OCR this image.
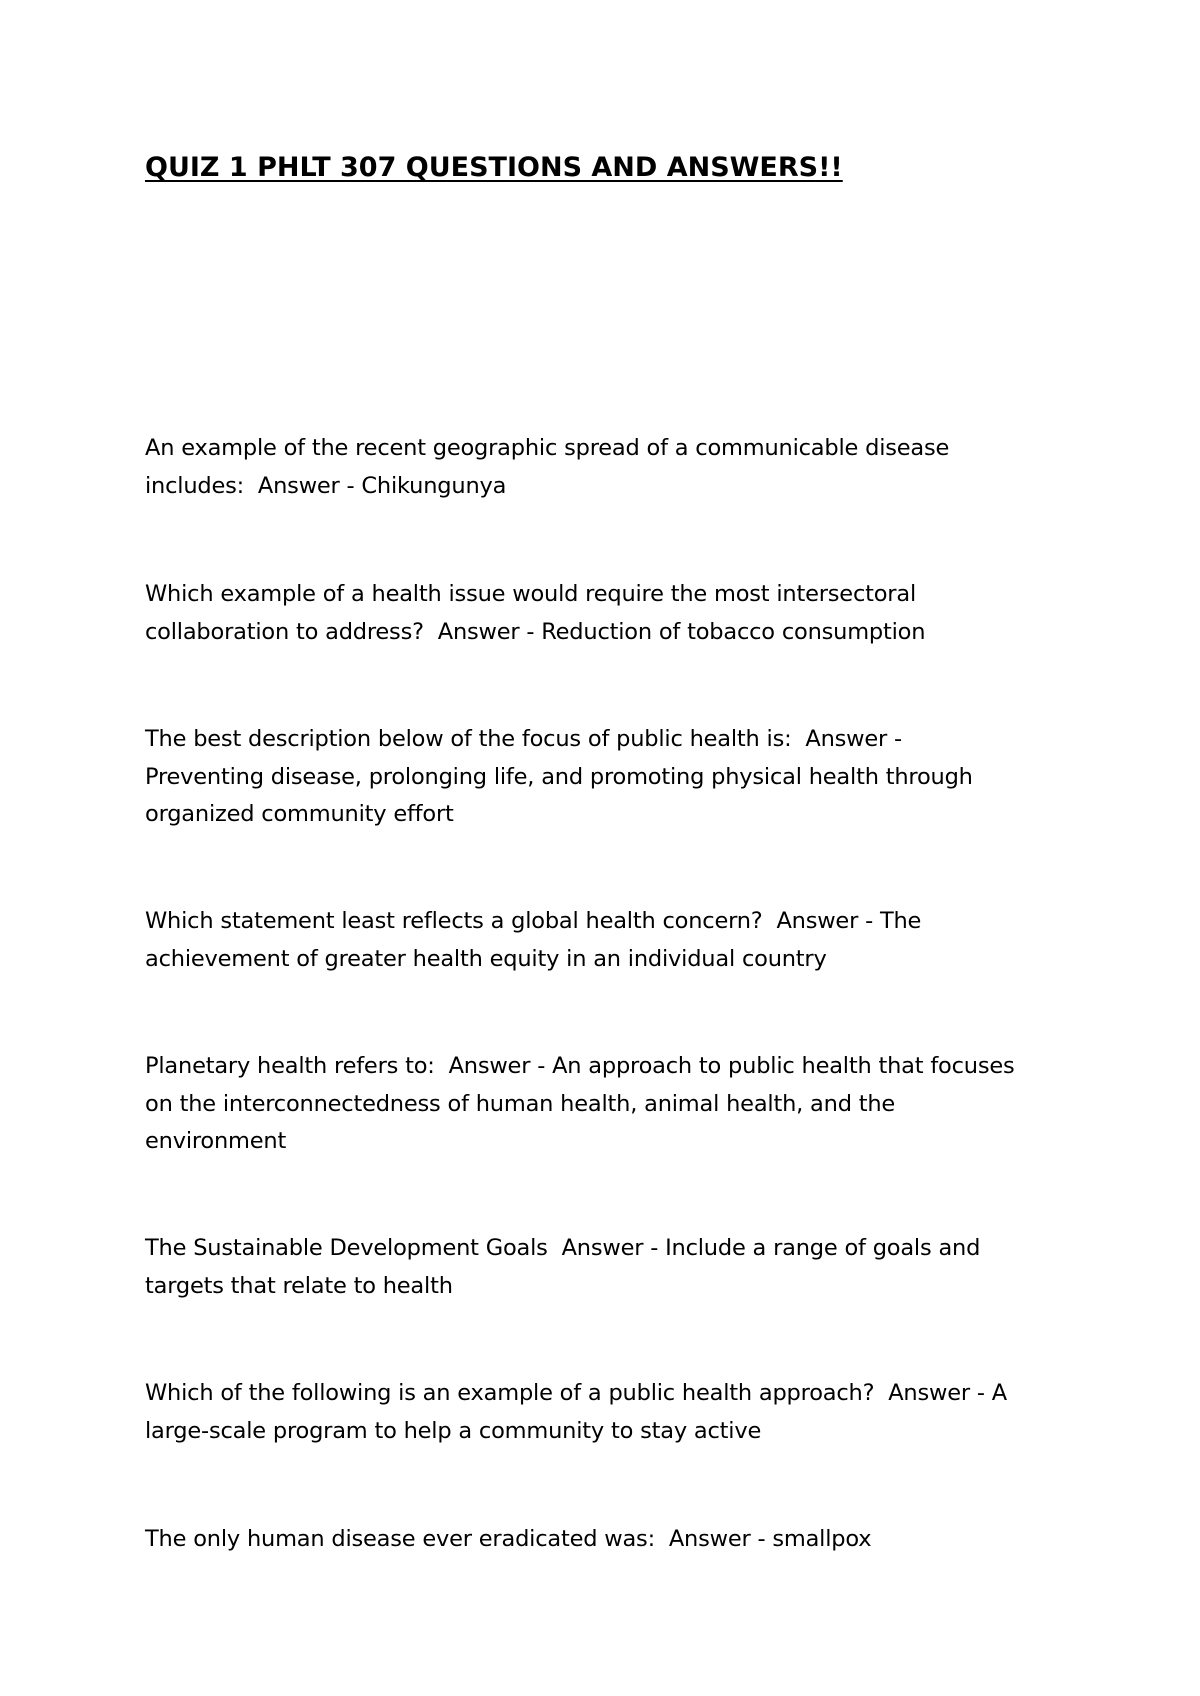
QUIZ 1 PHLT 307 QUESTIONS AND ANSWERS!!
An example of the recent geographic spread of a communicable disease
includes:  Answer - Chikungunya
Which example of a health issue would require the most intersectoral
collaboration to address?  Answer - Reduction of tobacco consumption
The best description below of the focus of public health is:  Answer -
Preventing disease, prolonging life, and promoting physical health through
organized community effort
Which statement least reflects a global health concern?  Answer - The
achievement of greater health equity in an individual country
Planetary health refers to:  Answer - An approach to public health that focuses
on the interconnectedness of human health, animal health, and the
environment
The Sustainable Development Goals  Answer - Include a range of goals and
targets that relate to health
Which of the following is an example of a public health approach?  Answer - A
large-scale program to help a community to stay active
The only human disease ever eradicated was:  Answer - smallpox
